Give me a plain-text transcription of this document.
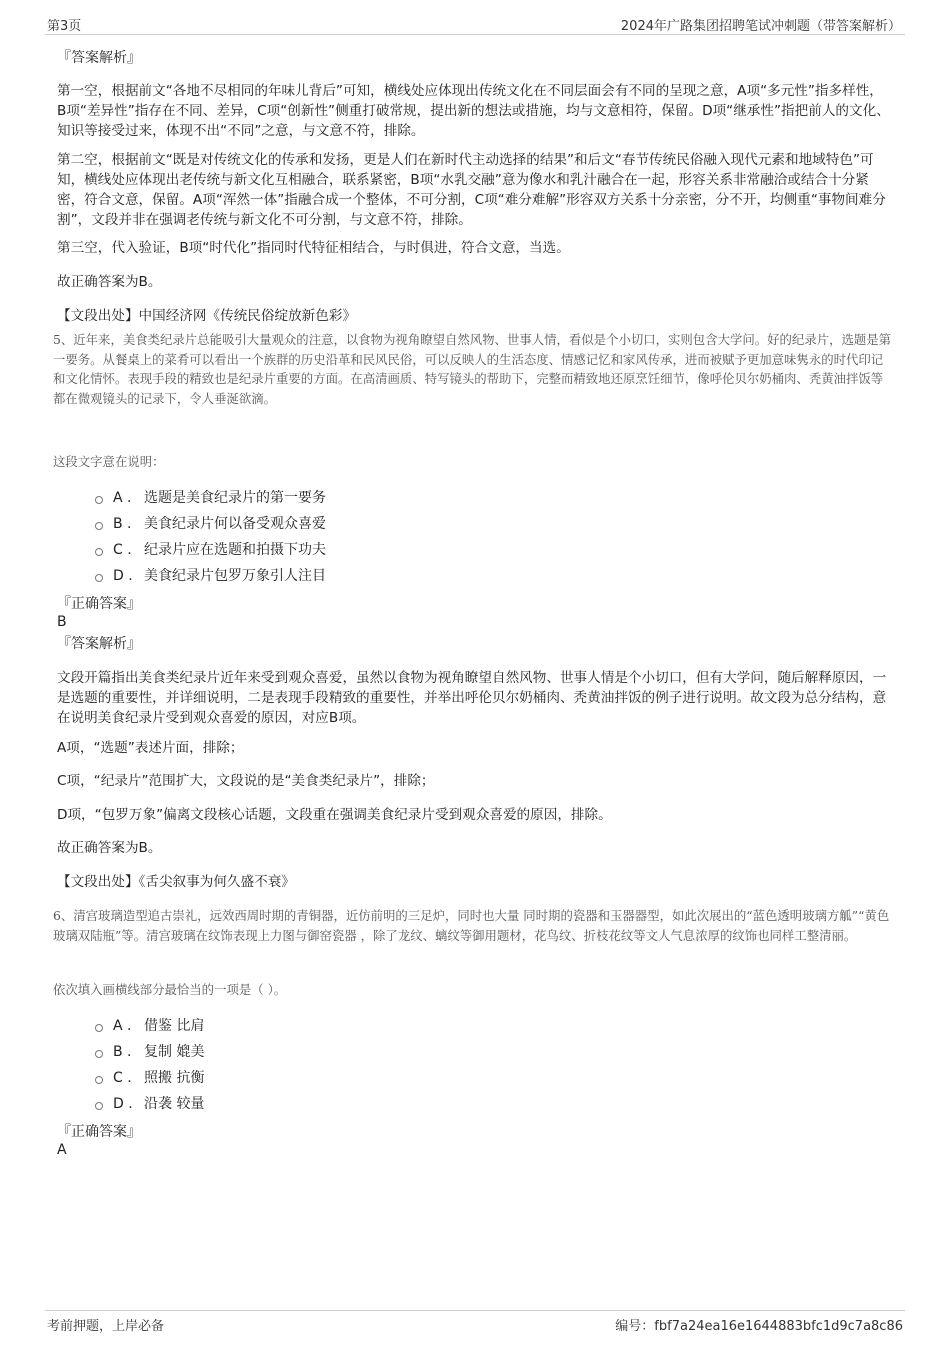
第3页	2024年广路集团招聘笔试冲刺题（带答案解析）
『答案解析』
第一空，根据前文“各地不尽相同的年味儿背后”可知，横线处应体现出传统文化在不同层面会有不同的呈现之意，A项“多元性”指多样性，B项“差异性”指存在不同、差异，C项“创新性”侧重打破常规，提出新的想法或措施，均与文意相符，保留。D项“继承性”指把前人的文化、知识等接受过来，体现不出“不同”之意，与文意不符，排除。
第二空，根据前文“既是对传统文化的传承和发扬，更是人们在新时代主动选择的结果”和后文“春节传统民俗融入现代元素和地域特色”可知，横线处应体现出老传统与新文化互相融合，联系紧密，B项“水乳交融”意为像水和乳汁融合在一起，形容关系非常融洽或结合十分紧密，符合文意，保留。A项“浑然一体”指融合成一个整体，不可分割，C项“难分难解”形容双方关系十分亲密，分不开，均侧重“事物间难分割”，文段并非在强调老传统与新文化不可分割，与文意不符，排除。
第三空，代入验证，B项“时代化”指同时代特征相结合，与时俱进，符合文意，当选。
故正确答案为B。
【文段出处】中国经济网《传统民俗绽放新色彩》
5、近年来，美食类纪录片总能吸引大量观众的注意，以食物为视角瞭望自然风物、世事人情，看似是个小切口，实则包含大学问。好的纪录片，选题是第一要务。从餐桌上的菜肴可以看出一个族群的历史沿革和民风民俗，可以反映人的生活态度、情感记忆和家风传承，进而被赋予更加意味隽永的时代印记和文化情怀。表现手段的精致也是纪录片重要的方面。在高清画质、特写镜头的帮助下，完整而精致地还原烹饪细节，像呼伦贝尔奶桶肉、秃黄油拌饭等都在微观镜头的记录下，令人垂涎欲滴。
这段文字意在说明：
A . 选题是美食纪录片的第一要务
B . 美食纪录片何以备受观众喜爱
C . 纪录片应在选题和拍摄下功夫
D . 美食纪录片包罗万象引人注目
『正确答案』
B
『答案解析』
文段开篇指出美食类纪录片近年来受到观众喜爱，虽然以食物为视角瞭望自然风物、世事人情是个小切口，但有大学问，随后解释原因，一是选题的重要性，并详细说明，二是表现手段精致的重要性，并举出呼伦贝尔奶桶肉、秃黄油拌饭的例子进行说明。故文段为总分结构，意在说明美食纪录片受到观众喜爱的原因，对应B项。
A项，“选题”表述片面，排除；
C项，“纪录片”范围扩大，文段说的是“美食类纪录片”，排除；
D项，“包罗万象”偏离文段核心话题，文段重在强调美食纪录片受到观众喜爱的原因，排除。
故正确答案为B。
【文段出处】《舌尖叙事为何久盛不衰》
6、清宫玻璃造型追古崇礼，远效西周时期的青铜器，近仿前明的三足炉，同时也大量 同时期的瓷器和玉器器型，如此次展出的“蓝色透明玻璃方觚”“黄色玻璃双陆瓶”等。清宫玻璃在纹饰表现上力图与御窑瓷器 ，除了龙纹、螭纹等御用题材，花鸟纹、折枝花纹等文人气息浓厚的纹饰也同样工整清丽。
依次填入画横线部分最恰当的一项是（ ）。
A . 借鉴 比肩
B . 复制 媲美
C . 照搬 抗衡
D . 沿袭 较量
『正确答案』
A
考前押题，上岸必备	编号：fbf7a24ea16e1644883bfc1d9c7a8c86
